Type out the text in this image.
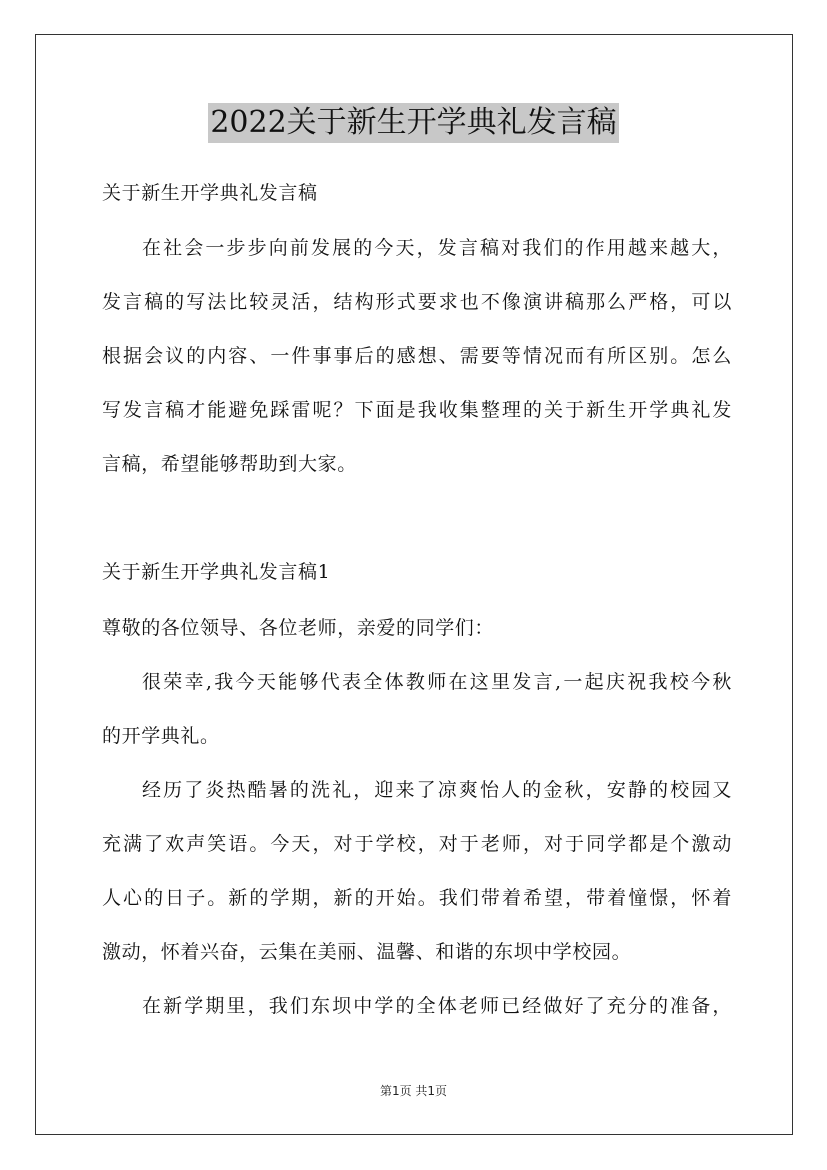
2022关于新生开学典礼发言稿
关于新生开学典礼发言稿
在社会一步步向前发展的今天，发言稿对我们的作用越来越大，
发言稿的写法比较灵活，结构形式要求也不像演讲稿那么严格，可以
根据会议的内容、一件事事后的感想、需要等情况而有所区别。怎么
写发言稿才能避免踩雷呢？下面是我收集整理的关于新生开学典礼发
言稿，希望能够帮助到大家。
关于新生开学典礼发言稿1
尊敬的各位领导、各位老师，亲爱的同学们：
很荣幸,我今天能够代表全体教师在这里发言,一起庆祝我校今秋
的开学典礼。
经历了炎热酷暑的洗礼，迎来了凉爽怡人的金秋，安静的校园又
充满了欢声笑语。今天，对于学校，对于老师，对于同学都是个激动
人心的日子。新的学期，新的开始。我们带着希望，带着憧憬，怀着
激动，怀着兴奋，云集在美丽、温馨、和谐的东坝中学校园。
在新学期里，我们东坝中学的全体老师已经做好了充分的准备，
第1页 共1页
